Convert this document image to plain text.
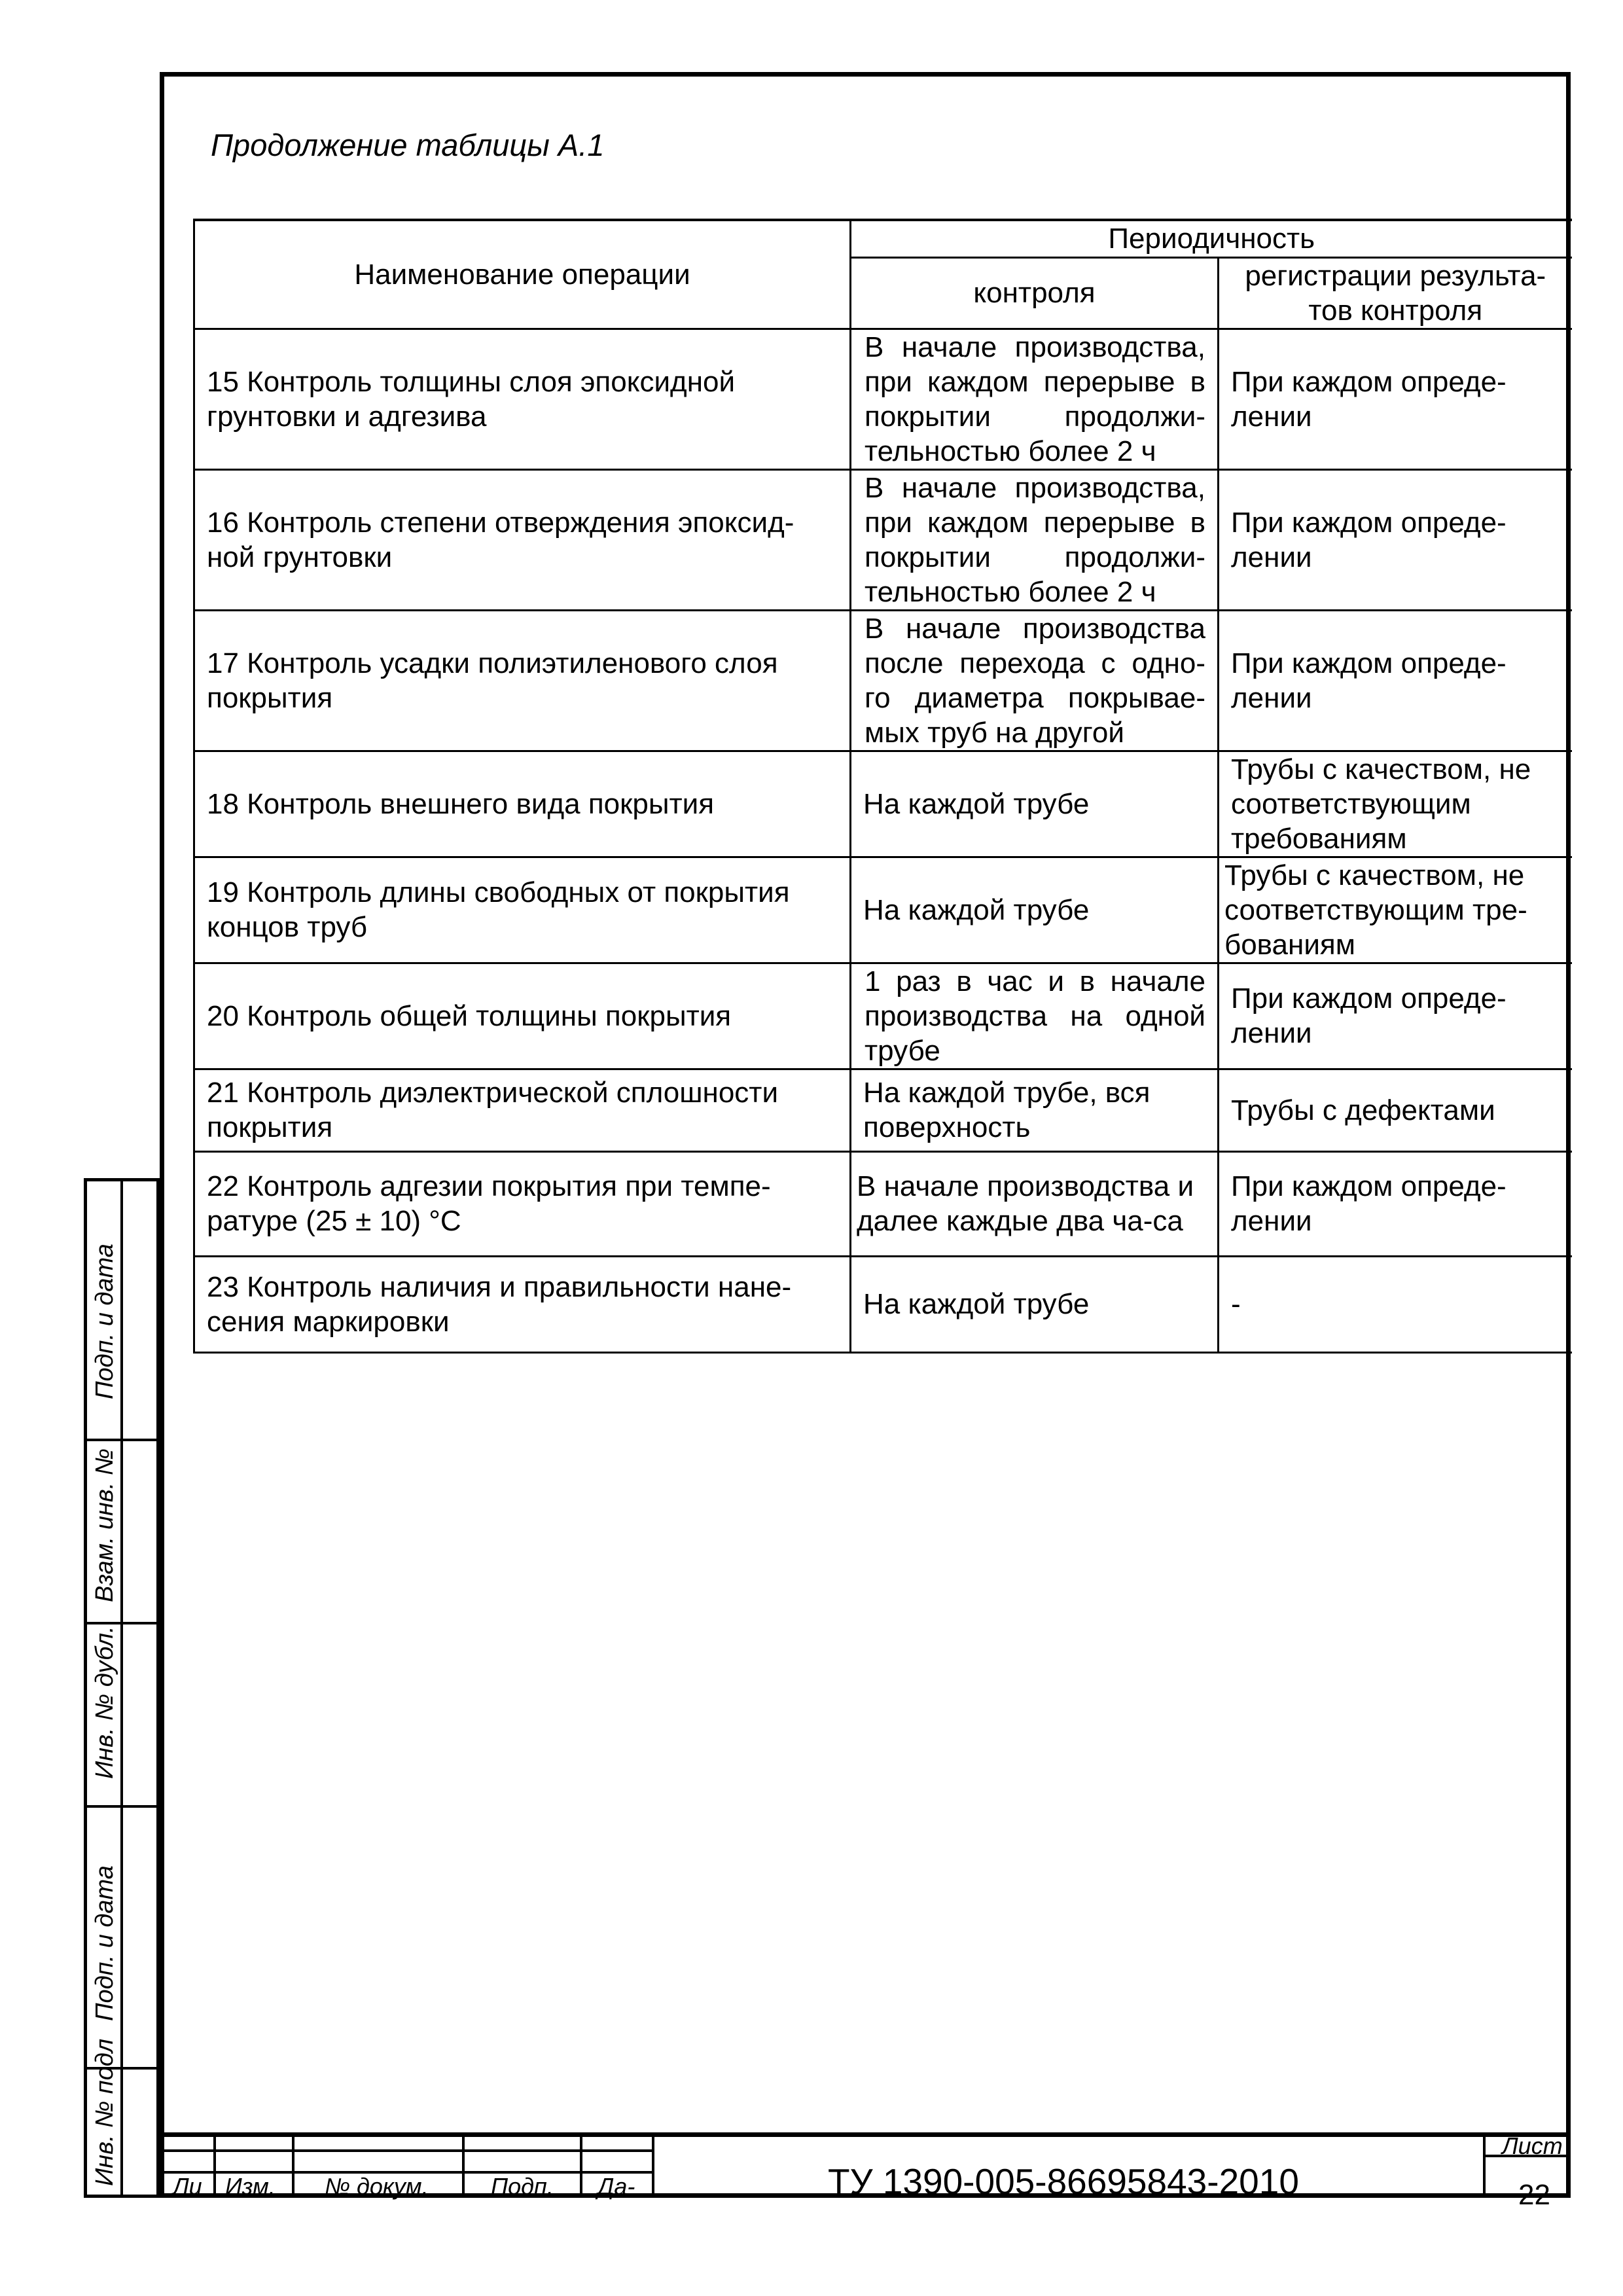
Продолжение таблицы А.1
Наименование операции	Периодичность	
	контроля	регистрации результа-тов контроля
15 Контроль толщины слоя эпоксидной грунтовки и адгезива	В начале производства, при каждом перерыве в покрытии продолжи-тельностью более 2 ч	При каждом опреде-лении
16 Контроль степени отверждения эпоксид-ной грунтовки	В начале производства, при каждом перерыве в покрытии продолжи-тельностью более 2 ч	При каждом опреде-лении
17 Контроль усадки полиэтиленового слоя покрытия	В начале производства после перехода с одно-го диаметра покрывае-мых труб на другой	При каждом опреде-лении
18 Контроль внешнего вида покрытия	На каждой трубе	Трубы с качеством, не соответствующим требованиям
19 Контроль длины свободных от покрытия концов труб	На каждой трубе	Трубы с качеством, не соответствующим тре-бованиям
20 Контроль общей толщины покрытия	1 раз в час и в начале производства на одной трубе	При каждом опреде-лении
21 Контроль диэлектрической сплошности покрытия	На каждой трубе, вся поверхность	Трубы с дефектами
22 Контроль адгезии покрытия при темпе-ратуре (25 ± 10) °С	В начале производства и далее каждые два ча-са	При каждом опреде-лении
23 Контроль наличия и правильности нане-сения маркировки	На каждой трубе	-
Подп. и дата
Взам. инв. №
Инв. № дубл.
Подп. и дата
Инв. № подл
Ли Изм. № докум.	Подп. Да-	ТУ 1390-005-86695843-2010
Лист
22
